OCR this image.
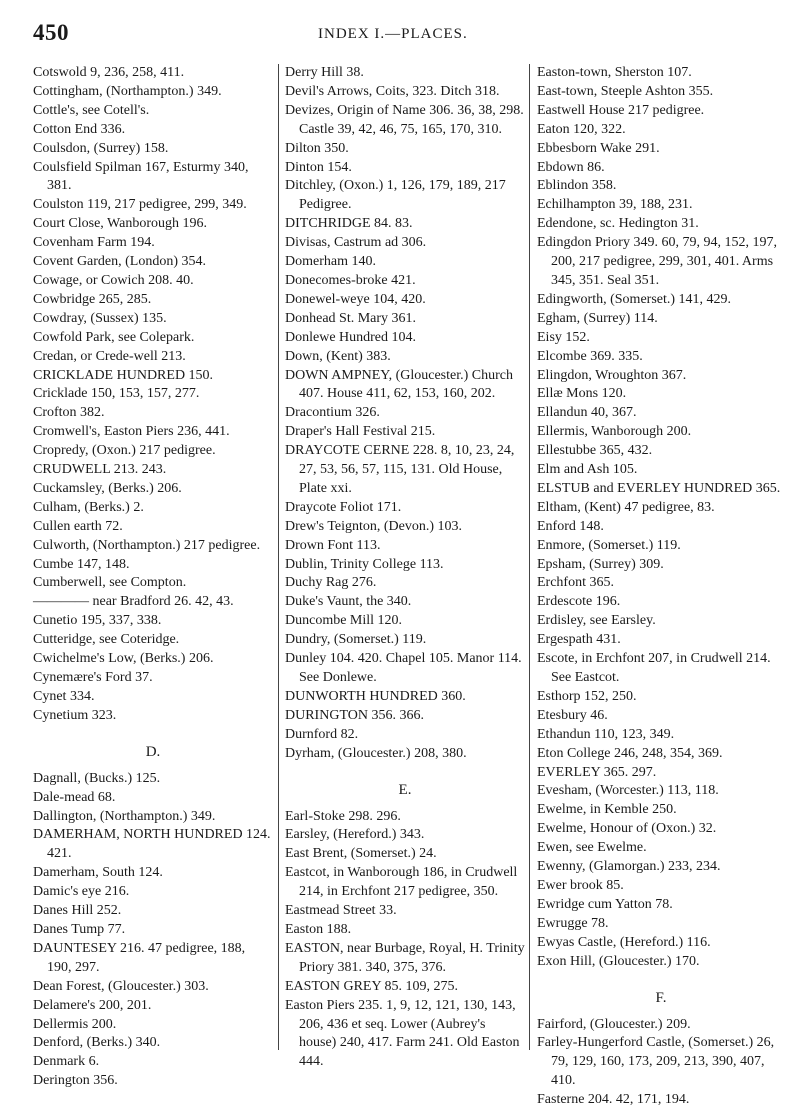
450	INDEX I.—PLACES.
Cotswold 9, 236, 258, 411.
Cottingham, (Northampton.) 349.
Cottle's, see Cotell's.
Cotton End 336.
Coulsdon, (Surrey) 158.
Coulsfield Spilman 167, Esturmy 340, 381.
Coulston 119, 217 pedigree, 299, 349.
Court Close, Wanborough 196.
Covenham Farm 194.
Covent Garden, (London) 354.
Cowage, or Cowich 208. 40.
Cowbridge 265, 285.
Cowdray, (Sussex) 135.
Cowfold Park, see Colepark.
Credan, or Crede-well 213.
CRICKLADE HUNDRED 150.
Cricklade 150, 153, 157, 277.
Crofton 382.
Cromwell's, Easton Piers 236, 441.
Cropredy, (Oxon.) 217 pedigree.
CRUDWELL 213. 243.
Cuckamsley, (Berks.) 206.
Culham, (Berks.) 2.
Cullen earth 72.
Culworth, (Northampton.) 217 pedigree.
Cumbe 147, 148.
Cumberwell, see Compton.
———— near Bradford 26. 42, 43.
Cunetio 195, 337, 338.
Cutteridge, see Coteridge.
Cwichelme's Low, (Berks.) 206.
Cynemære's Ford 37.
Cynet 334.
Cynetium 323.
D.
Dagnall, (Bucks.) 125.
Dale-mead 68.
Dallington, (Northampton.) 349.
DAMERHAM, NORTH HUNDRED 124. 421.
Damerham, South 124.
Damic's eye 216.
Danes Hill 252.
Danes Tump 77.
DAUNTESEY 216. 47 pedigree, 188, 190, 297.
Dean Forest, (Gloucester.) 303.
Delamere's 200, 201.
Dellermis 200.
Denford, (Berks.) 340.
Denmark 6.
Derington 356.
Derry Hill 38.
Devil's Arrows, Coits, 323. Ditch 318.
Devizes, Origin of Name 306. 36, 38, 298. Castle 39, 42, 46, 75, 165, 170, 310.
Dilton 350.
Dinton 154.
Ditchley, (Oxon.) 1, 126, 179, 189, 217 Pedigree.
DITCHRIDGE 84. 83.
Divisas, Castrum ad 306.
Domerham 140.
Donecomes-broke 421.
Donewel-weye 104, 420.
Donhead St. Mary 361.
Donlewe Hundred 104.
Down, (Kent) 383.
DOWN AMPNEY, (Gloucester.) Church 407. House 411, 62, 153, 160, 202.
Dracontium 326.
Draper's Hall Festival 215.
DRAYCOTE CERNE 228. 8, 10, 23, 24, 27, 53, 56, 57, 115, 131. Old House, Plate xxi.
Draycote Foliot 171.
Drew's Teignton, (Devon.) 103.
Drown Font 113.
Dublin, Trinity College 113.
Duchy Rag 276.
Duke's Vaunt, the 340.
Duncombe Mill 120.
Dundry, (Somerset.) 119.
Dunley 104. 420. Chapel 105. Manor 114. See Donlewe.
DUNWORTH HUNDRED 360.
DURINGTON 356. 366.
Durnford 82.
Dyrham, (Gloucester.) 208, 380.
E.
Earl-Stoke 298. 296.
Earsley, (Hereford.) 343.
East Brent, (Somerset.) 24.
Eastcot, in Wanborough 186, in Crudwell 214, in Erchfont 217 pedigree, 350.
Eastmead Street 33.
Easton 188.
EASTON, near Burbage, Royal, H. Trinity Priory 381. 340, 375, 376.
EASTON GREY 85. 109, 275.
Easton Piers 235. 1, 9, 12, 121, 130, 143, 206, 436 et seq. Lower (Aubrey's house) 240, 417. Farm 241. Old Easton 444.
Easton-town, Sherston 107.
East-town, Steeple Ashton 355.
Eastwell House 217 pedigree.
Eaton 120, 322.
Ebbesborn Wake 291.
Ebdown 86.
Eblindon 358.
Echilhampton 39, 188, 231.
Edendone, sc. Hedington 31.
Edingdon Priory 349. 60, 79, 94, 152, 197, 200, 217 pedigree, 299, 301, 401. Arms 345, 351. Seal 351.
Edingworth, (Somerset.) 141, 429.
Egham, (Surrey) 114.
Eisy 152.
Elcombe 369. 335.
Elingdon, Wroughton 367.
Ellæ Mons 120.
Ellandun 40, 367.
Ellermis, Wanborough 200.
Ellestubbe 365, 432.
Elm and Ash 105.
ELSTUB and EVERLEY HUNDRED 365.
Eltham, (Kent) 47 pedigree, 83.
Enford 148.
Enmore, (Somerset.) 119.
Epsham, (Surrey) 309.
Erchfont 365.
Erdescote 196.
Erdisley, see Earsley.
Ergespath 431.
Escote, in Erchfont 207, in Crudwell 214. See Eastcot.
Esthorp 152, 250.
Etesbury 46.
Ethandun 110, 123, 349.
Eton College 246, 248, 354, 369.
EVERLEY 365. 297.
Evesham, (Worcester.) 113, 118.
Ewelme, in Kemble 250.
Ewelme, Honour of (Oxon.) 32.
Ewen, see Ewelme.
Ewenny, (Glamorgan.) 233, 234.
Ewer brook 85.
Ewridge cum Yatton 78.
Ewrugge 78.
Ewyas Castle, (Hereford.) 116.
Exon Hill, (Gloucester.) 170.
F.
Fairford, (Gloucester.) 209.
Farley-Hungerford Castle, (Somerset.) 26, 79, 129, 160, 173, 209, 213, 390, 407, 410.
Fasterne 204. 42, 171, 194.
